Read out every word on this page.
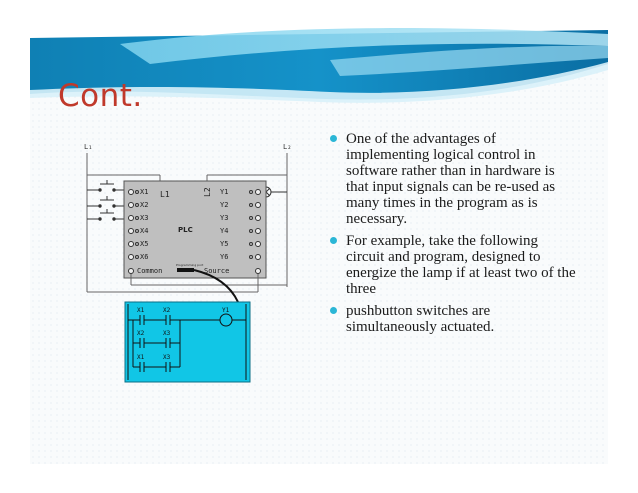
Cont.
L₁	L₂
PLC
L1	L2
X1
X2
X3
X4
X5
X6
Y1
Y2
Y3
Y4
Y5
Y6
Common	Source
Programming port
X1	X2	Y1
X2	X3
X1	X3
One of the advantages of implementing logical control in software rather than in hardware is that input signals can be re-used as many times in the program as is necessary.
For example, take the following circuit and program, designed to energize the lamp if at least two of the three
pushbutton switches are simultaneously actuated.
